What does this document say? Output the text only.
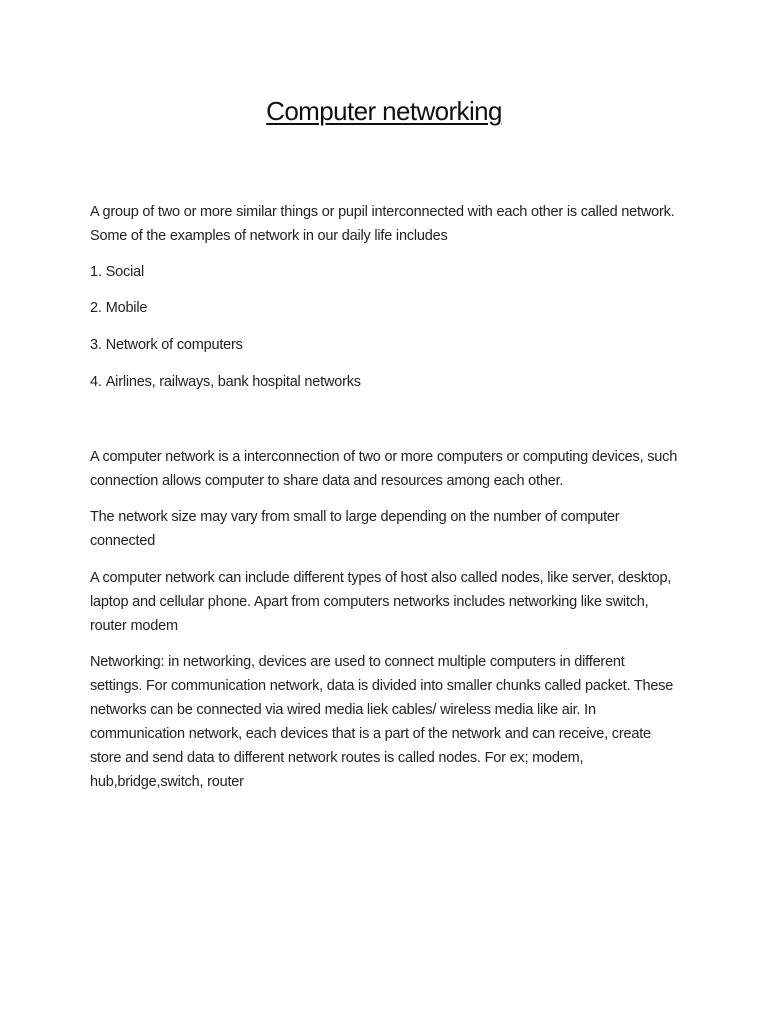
Computer networking

A group of two or more similar things or pupil interconnected with each other is called network. Some of the examples of network in our daily life includes

1. Social

2. Mobile

3. Network of computers

4. Airlines, railways, bank hospital networks

A computer network is a interconnection of two or more computers or computing devices, such connection allows computer to share data and resources among each other.

The network size may vary from small to large depending on the number of computer connected

A computer network can include different types of host also called nodes, like server, desktop, laptop and cellular phone. Apart from computers networks includes networking like switch, router modem

Networking: in networking, devices are used to connect multiple computers in different settings. For communication network, data is divided into smaller chunks called packet. These networks can be connected via wired media liek cables/ wireless media like air. In communication network, each devices that is a part of the network and can receive, create store and send data to different network routes is called nodes. For ex; modem, hub,bridge,switch, router
